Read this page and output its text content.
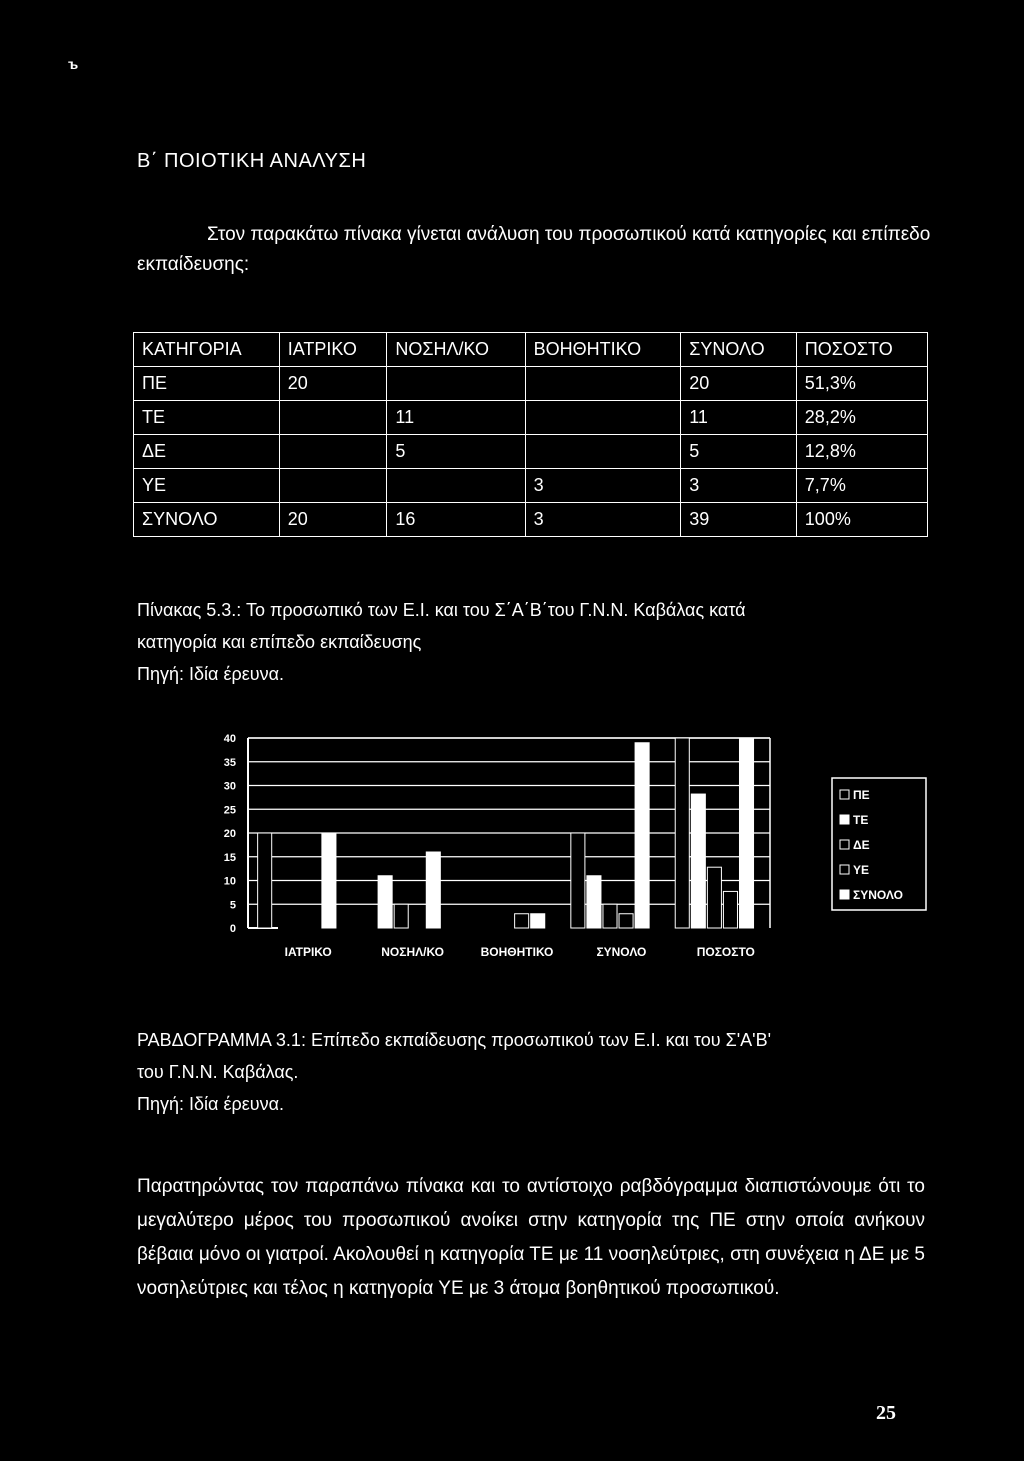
ъ
Β΄ ΠΟΙΟΤΙΚΗ ΑΝΑΛΥΣΗ
Στον παρακάτω πίνακα γίνεται ανάλυση του προσωπικού κατά κατηγορίες και επίπεδο εκπαίδευσης:
ΚΑΤΗΓΟΡΙΑ	ΙΑΤΡΙΚΟ	ΝΟΣΗΛ/ΚΟ	ΒΟΗΘΗΤΙΚΟ	ΣΥΝΟΛΟ	ΠΟΣΟΣΤΟ
ΠΕ	20			20	51,3%
ΤΕ		11		11	28,2%
ΔΕ		5		5	12,8%
ΥΕ			3	3	7,7%
ΣΥΝΟΛΟ	20	16	3	39	100%
Πίνακας 5.3.: Το προσωπικό των Ε.Ι. και του Σ΄Α΄Β΄του Γ.Ν.Ν. Καβάλας κατά
κατηγορία και επίπεδο εκπαίδευσης
Πηγή: Ιδία έρευνα.
40
35
30
25
20
15
10
5
0
ΙΑΤΡΙΚΟ	ΝΟΣΗΛ/ΚΟ	ΒΟΗΘΗΤΙΚΟ	ΣΥΝΟΛΟ	ΠΟΣΟΣΤΟ
ΠΕ
ΤΕ
ΔΕ
ΥΕ
ΣΥΝΟΛΟ
ΡΑΒΔΟΓΡΑΜΜΑ 3.1: Επίπεδο εκπαίδευσης προσωπικού των Ε.Ι. και του Σ'Α'Β'
του Γ.Ν.Ν. Καβάλας.
Πηγή: Ιδία έρευνα.
Παρατηρώντας τον παραπάνω πίνακα και το αντίστοιχο ραβδόγραμμα διαπιστώνουμε ότι το μεγαλύτερο μέρος του προσωπικού ανοίκει στην κατηγορία της ΠΕ στην οποία ανήκουν βέβαια μόνο οι γιατροί. Ακολουθεί η κατηγορία ΤΕ με 11 νοσηλεύτριες, στη συνέχεια η ΔΕ με 5 νοσηλεύτριες και τέλος η κατηγορία ΥΕ με 3 άτομα βοηθητικού προσωπικού.
25
